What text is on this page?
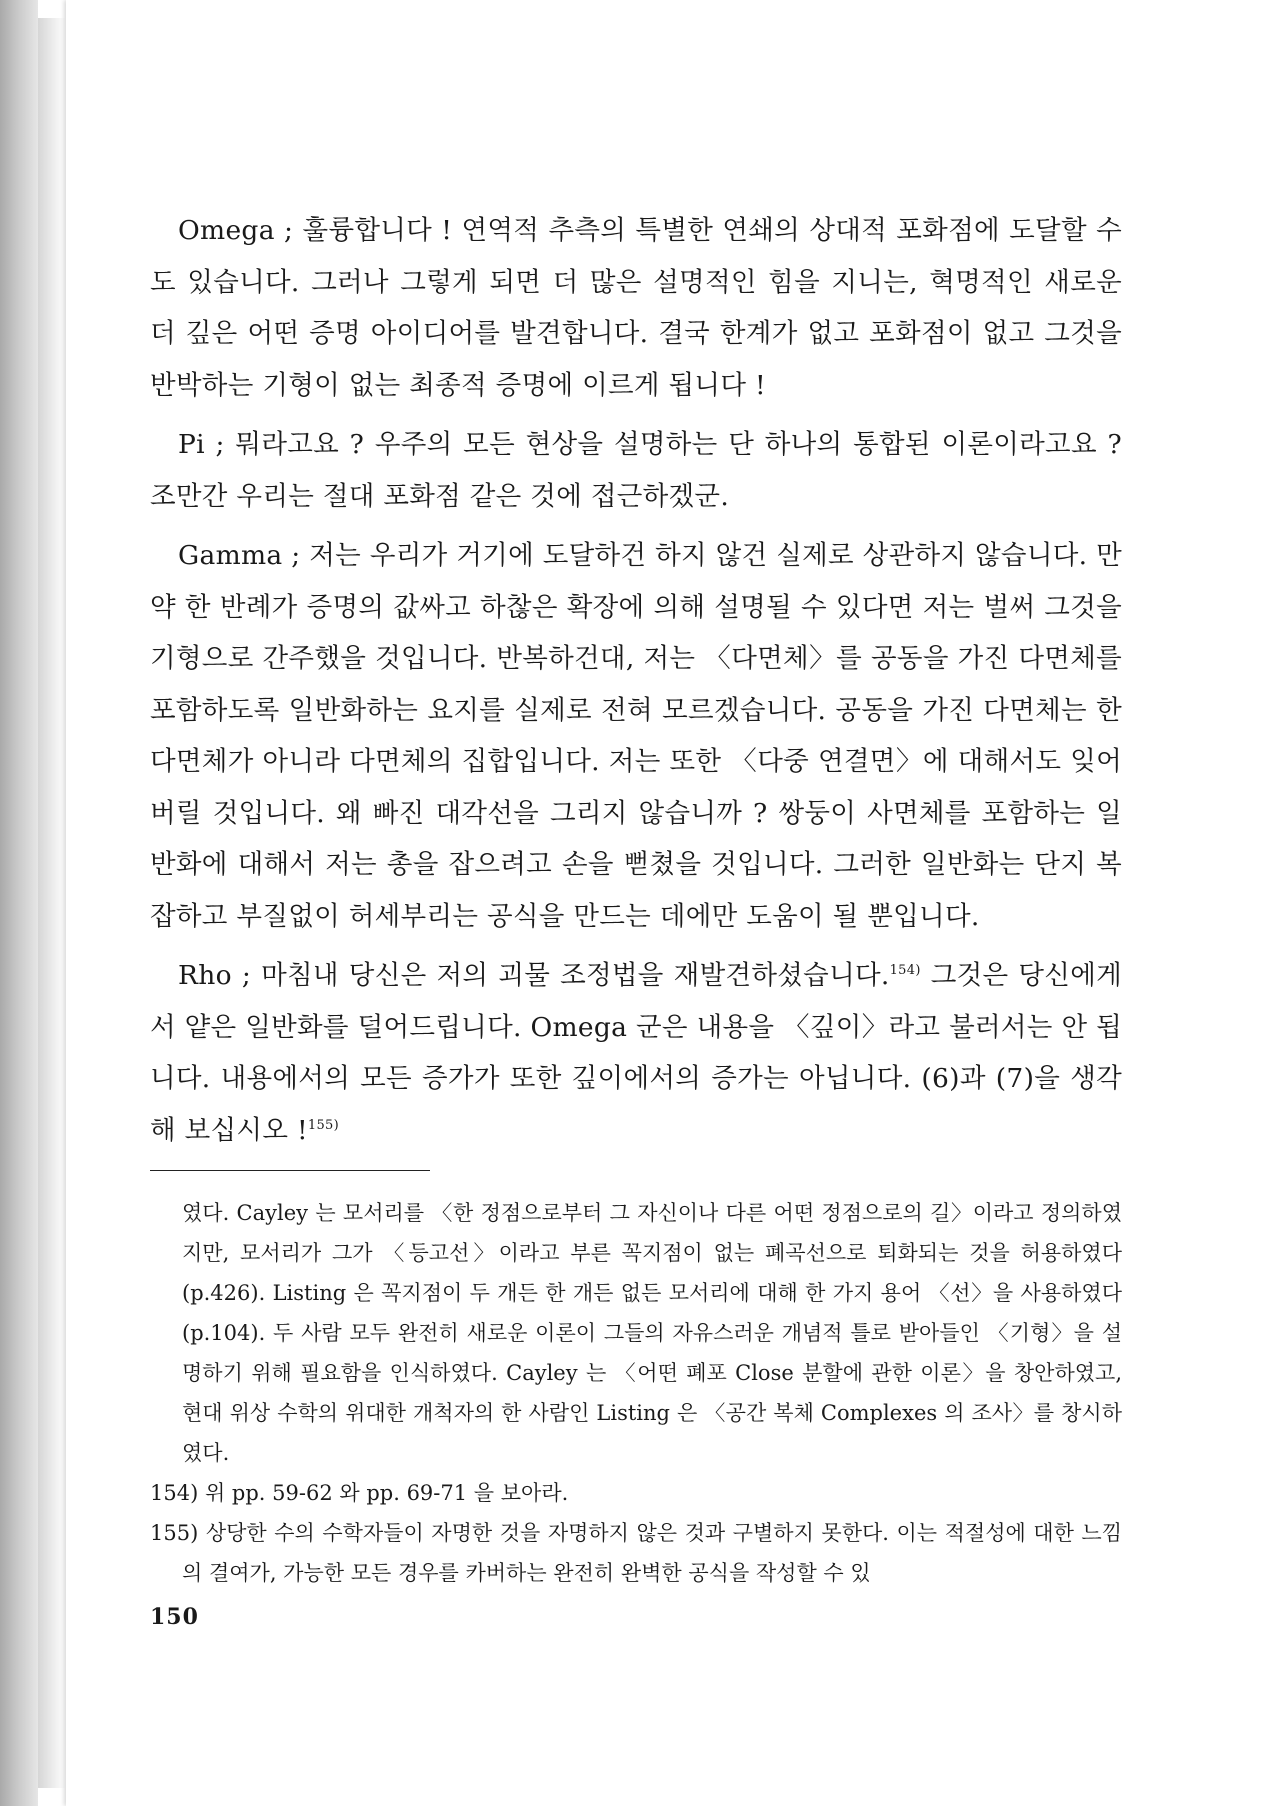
Omega ; 훌륭합니다 ! 연역적 추측의 특별한 연쇄의 상대적 포화점에 도달할 수도 있습니다. 그러나 그렇게 되면 더 많은 설명적인 힘을 지니는, 혁명적인 새로운 더 깊은 어떤 증명 아이디어를 발견합니다. 결국 한계가 없고 포화점이 없고 그것을 반박하는 기형이 없는 최종적 증명에 이르게 됩니다 !

Pi ; 뭐라고요 ? 우주의 모든 현상을 설명하는 단 하나의 통합된 이론이라고요 ? 조만간 우리는 절대 포화점 같은 것에 접근하겠군.

Gamma ; 저는 우리가 거기에 도달하건 하지 않건 실제로 상관하지 않습니다. 만약 한 반례가 증명의 값싸고 하찮은 확장에 의해 설명될 수 있다면 저는 벌써 그것을 기형으로 간주했을 것입니다. 반복하건대, 저는 〈다면체〉를 공동을 가진 다면체를 포함하도록 일반화하는 요지를 실제로 전혀 모르겠습니다. 공동을 가진 다면체는 한 다면체가 아니라 다면체의 집합입니다. 저는 또한 〈다중 연결면〉에 대해서도 잊어버릴 것입니다. 왜 빠진 대각선을 그리지 않습니까 ? 쌍둥이 사면체를 포함하는 일반화에 대해서 저는 총을 잡으려고 손을 뻗쳤을 것입니다. 그러한 일반화는 단지 복잡하고 부질없이 허세부리는 공식을 만드는 데에만 도움이 될 뿐입니다.

Rho ; 마침내 당신은 저의 괴물 조정법을 재발견하셨습니다.$^{154)}$ 그것은 당신에게서 얕은 일반화를 덜어드립니다. Omega 군은 내용을 〈깊이〉라고 불러서는 안 됩니다. 내용에서의 모든 증가가 또한 깊이에서의 증가는 아닙니다. (6)과 (7)을 생각해 보십시오 !$^{155)}$

였다. Cayley 는 모서리를 〈한 정점으로부터 그 자신이나 다른 어떤 정점으로의 길〉이라고 정의하였지만, 모서리가 그가 〈등고선〉이라고 부른 꼭지점이 없는 폐곡선으로 퇴화되는 것을 허용하였다(p.426). Listing 은 꼭지점이 두 개든 한 개든 없든 모서리에 대해 한 가지 용어 〈선〉을 사용하였다(p.104). 두 사람 모두 완전히 새로운 이론이 그들의 자유스러운 개념적 틀로 받아들인 〈기형〉을 설명하기 위해 필요함을 인식하였다. Cayley 는 〈어떤 폐포 Close 분할에 관한 이론〉을 창안하였고, 현대 위상 수학의 위대한 개척자의 한 사람인 Listing 은 〈공간 복체 Complexes 의 조사〉를 창시하였다.

154) 위 pp. 59-62 와 pp. 69-71 을 보아라.

155) 상당한 수의 수학자들이 자명한 것을 자명하지 않은 것과 구별하지 못한다. 이는 적절성에 대한 느낌의 결여가, 가능한 모든 경우를 카버하는 완전히 완벽한 공식을 작성할 수 있

150
